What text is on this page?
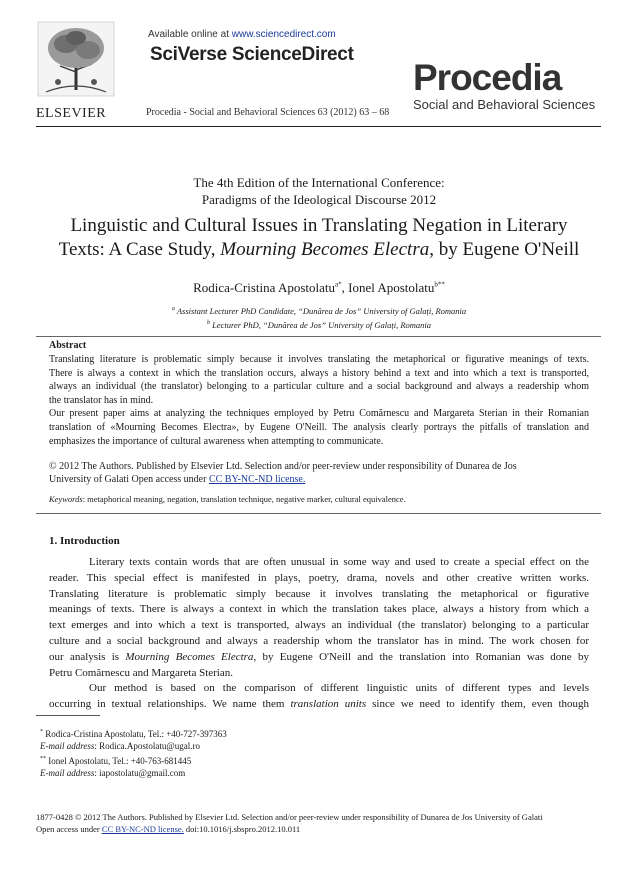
Available online at www.sciencedirect.com
SciVerse ScienceDirect
ELSEVIER	Procedia - Social and Behavioral Sciences 63 (2012) 63 – 68
Procedia
Social and Behavioral Sciences
The 4th Edition of the International Conference:
Paradigms of the Ideological Discourse 2012
Linguistic and Cultural Issues in Translating Negation in Literary
Texts: A Case Study, Mourning Becomes Electra, by Eugene O'Neill
Rodica-Cristina Apostolatu$^{a*}$, Ionel Apostolatu$^{b**}$
$^a$ Assistant Lecturer PhD Candidate, “Dunărea de Jos” University of Galați, Romania
$^b$ Lecturer PhD, “Dunărea de Jos” University of Galați, Romania
Abstract
Translating literature is problematic simply because it involves translating the metaphorical or figurative meanings of texts.
There is always a context in which the translation occurs, always a history behind a text and into which a text is transported,
always an individual (the translator) belonging to a particular culture and a social background and always a readership whom
the translator has in mind.
Our present paper aims at analyzing the techniques employed by Petru Comărnescu and Margareta Sterian in their Romanian
translation of «Mourning Becomes Electra», by Eugene O'Neill. The analysis clearly portrays the pitfalls of translation and
emphasizes the importance of cultural awareness when attempting to communicate.
© 2012 The Authors. Published by Elsevier Ltd. Selection and/or peer-review under responsibility of Dunarea de Jos
University of Galati Open access under CC BY-NC-ND license.
Keywords: metaphorical meaning, negation, translation technique, negative marker, cultural equivalence.
1. Introduction
Literary texts contain words that are often unusual in some way and used to create a special effect on the
reader. This special effect is manifested in plays, poetry, drama, novels and other creative written works.
Translating literature is problematic simply because it involves translating the metaphorical or figurative
meanings of texts. There is always a context in which the translation takes place, always a history from which a
text emerges and into which a text is transported, always an individual (the translator) belonging to a particular
culture and a social background and always a readership whom the translator has in mind. The work chosen for
our analysis is Mourning Becomes Electra, by Eugene O'Neill and the translation into Romanian was done by
Petru Comărnescu and Margareta Sterian.
Our method is based on the comparison of different linguistic units of different types and levels
occurring in textual relationships. We name them translation units since we need to identify them, even though
* Rodica-Cristina Apostolatu, Tel.: +40-727-397363
E-mail address: Rodica.Apostolatu@ugal.ro
** Ionel Apostolatu, Tel.: +40-763-681445
E-mail address: iapostolatu@gmail.com
1877-0428 © 2012 The Authors. Published by Elsevier Ltd. Selection and/or peer-review under responsibility of Dunarea de Jos University of Galati
Open access under CC BY-NC-ND license. doi:10.1016/j.sbspro.2012.10.011
